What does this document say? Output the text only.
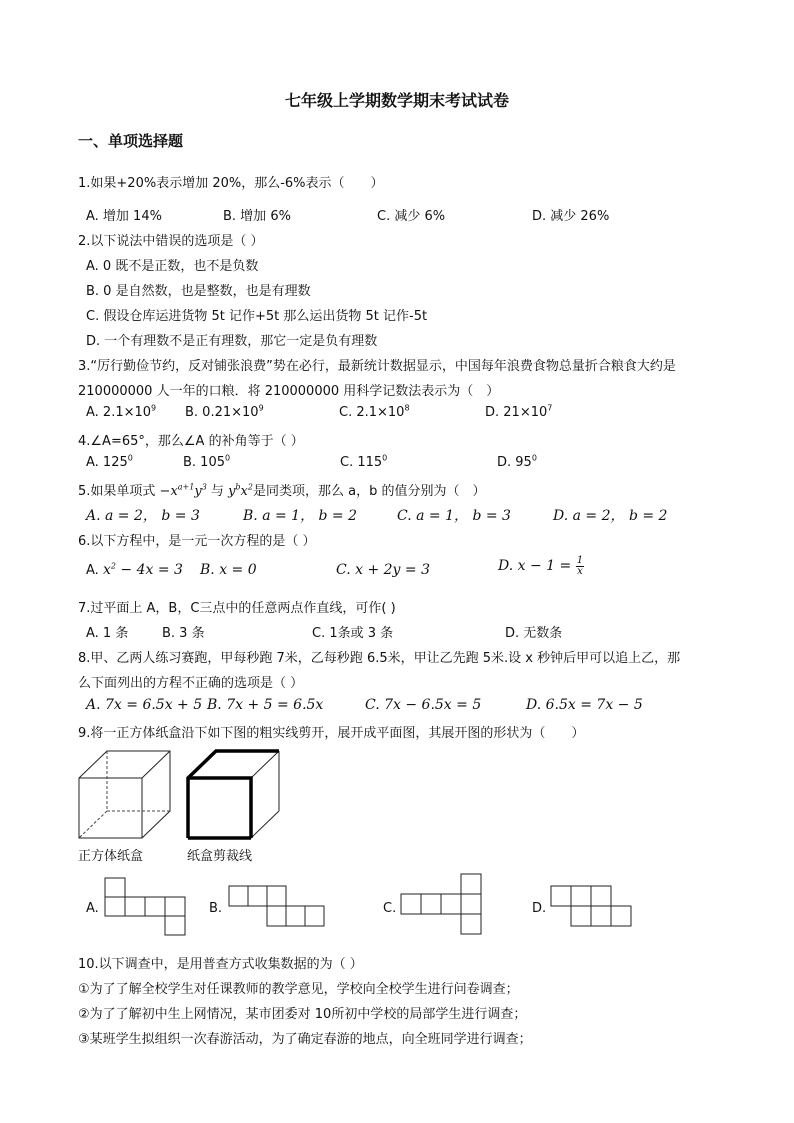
七年级上学期数学期末考试试卷
一、单项选择题
1.如果+20%表示增加 20%，那么-6%表示（　　）
A. 增加 14%	B. 增加 6%	C. 减少 6%	D. 减少 26%
2.以下说法中错误的选项是（ ）
A. 0 既不是正数，也不是负数
B. 0 是自然数，也是整数，也是有理数
C. 假设仓库运进货物 5t 记作+5t 那么运出货物 5t 记作-5t
D. 一个有理数不是正有理数，那它一定是负有理数
3.“厉行勤俭节约，反对铺张浪费”势在必行，最新统计数据显示，中国每年浪费食物总量折合粮食大约是
210000000 人一年的口粮．将 210000000 用科学记数法表示为（　）
A. $2.1\times 10^9$ B. $0.21\times 10^9$	C. $2.1\times 10^8$	D. $21\times 10^7$
4.∠A=65°，那么∠A 的补角等于（ ）
A. $125^0$	B. $105^0$	C. $115^0$	D. $95^0$
5.如果单项式 $-x^{a+1}y^3$ 与 $y^bx^2$是同类项，那么 a，b 的值分别为（　）
A. a = 2， b = 3	B. a = 1， b = 2	C. a = 1， b = 3	D. a = 2， b = 2
6.以下方程中，是一元一次方程的是（ ）
A. $x^2 - 4x = 3$ B. x = 0	C. x + 2y = 3	D. $x - 1 = \frac{1}{x}$
7.过平面上 A，B，C三点中的任意两点作直线，可作( )
A. 1 条	B. 3 条	C. 1条或 3 条	D. 无数条
8.甲、乙两人练习赛跑，甲每秒跑 7米，乙每秒跑 6.5米，甲让乙先跑 5米.设 x 秒钟后甲可以追上乙，那
么下面列出的方程不正确的选项是（ ）
A. 7x = 6.5x + 5 B. 7x + 5 = 6.5x	C. 7x − 6.5x = 5	D. 6.5x = 7x − 5
9.将一正方体纸盒沿下如下图的粗实线剪开，展开成平面图，其展开图的形状为（　　）
正方体纸盒	纸盒剪裁线
A.	B.	C.	D.
10.以下调查中，是用普查方式收集数据的为（ ）
①为了了解全校学生对任课教师的教学意见，学校向全校学生进行问卷调查；
②为了了解初中生上网情况，某市团委对 10所初中学校的局部学生进行调查；
③某班学生拟组织一次春游活动，为了确定春游的地点，向全班同学进行调查；
